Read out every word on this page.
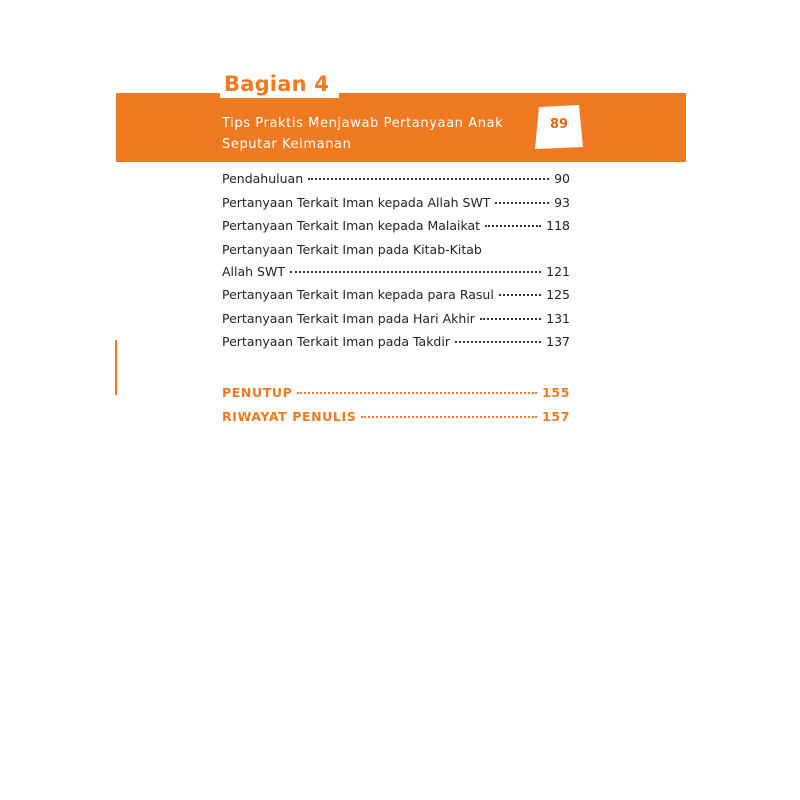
Bagian 4
Tips Praktis Menjawab Pertanyaan Anak
Seputar Keimanan
89
Pendahuluan	90
Pertanyaan Terkait Iman kepada Allah SWT	93
Pertanyaan Terkait Iman kepada Malaikat	118
Pertanyaan Terkait Iman pada Kitab-Kitab
Allah SWT	121
Pertanyaan Terkait Iman kepada para Rasul	125
Pertanyaan Terkait Iman pada Hari Akhir	131
Pertanyaan Terkait Iman pada Takdir	137
PENUTUP	155
RIWAYAT PENULIS	157
